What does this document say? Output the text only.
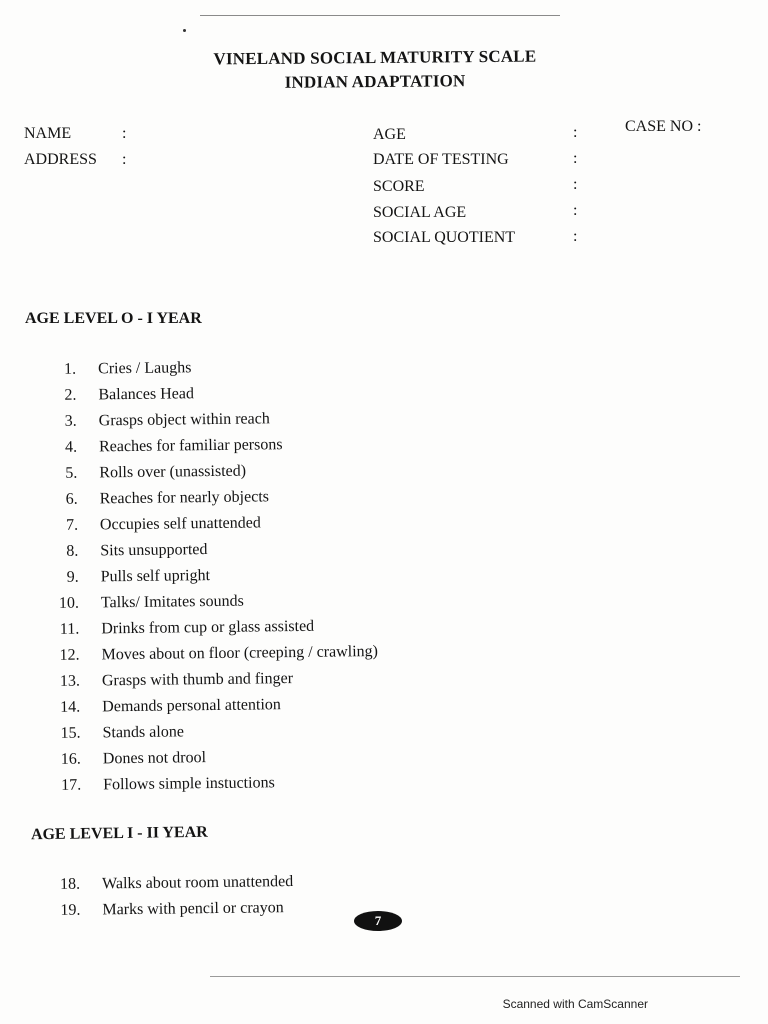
VINELAND SOCIAL MATURITY SCALE
INDIAN ADAPTATION
NAME	:
ADDRESS :
AGE	:
DATE OF TESTING	:
SCORE	:
SOCIAL AGE	:
SOCIAL QUOTIENT	:
CASE NO :
AGE LEVEL O - I YEAR
1. Cries / Laughs
2. Balances Head
3. Grasps object within reach
4. Reaches for familiar persons
5. Rolls over (unassisted)
6. Reaches for nearly objects
7. Occupies self unattended
8. Sits unsupported
9. Pulls self upright
10. Talks/ Imitates sounds
11. Drinks from cup or glass assisted
12. Moves about on floor (creeping / crawling)
13. Grasps with thumb and finger
14. Demands personal attention
15. Stands alone
16. Dones not drool
17. Follows simple instuctions
AGE LEVEL I - II YEAR
18. Walks about room unattended
19. Marks with pencil or crayon
7
Scanned with CamScanner
